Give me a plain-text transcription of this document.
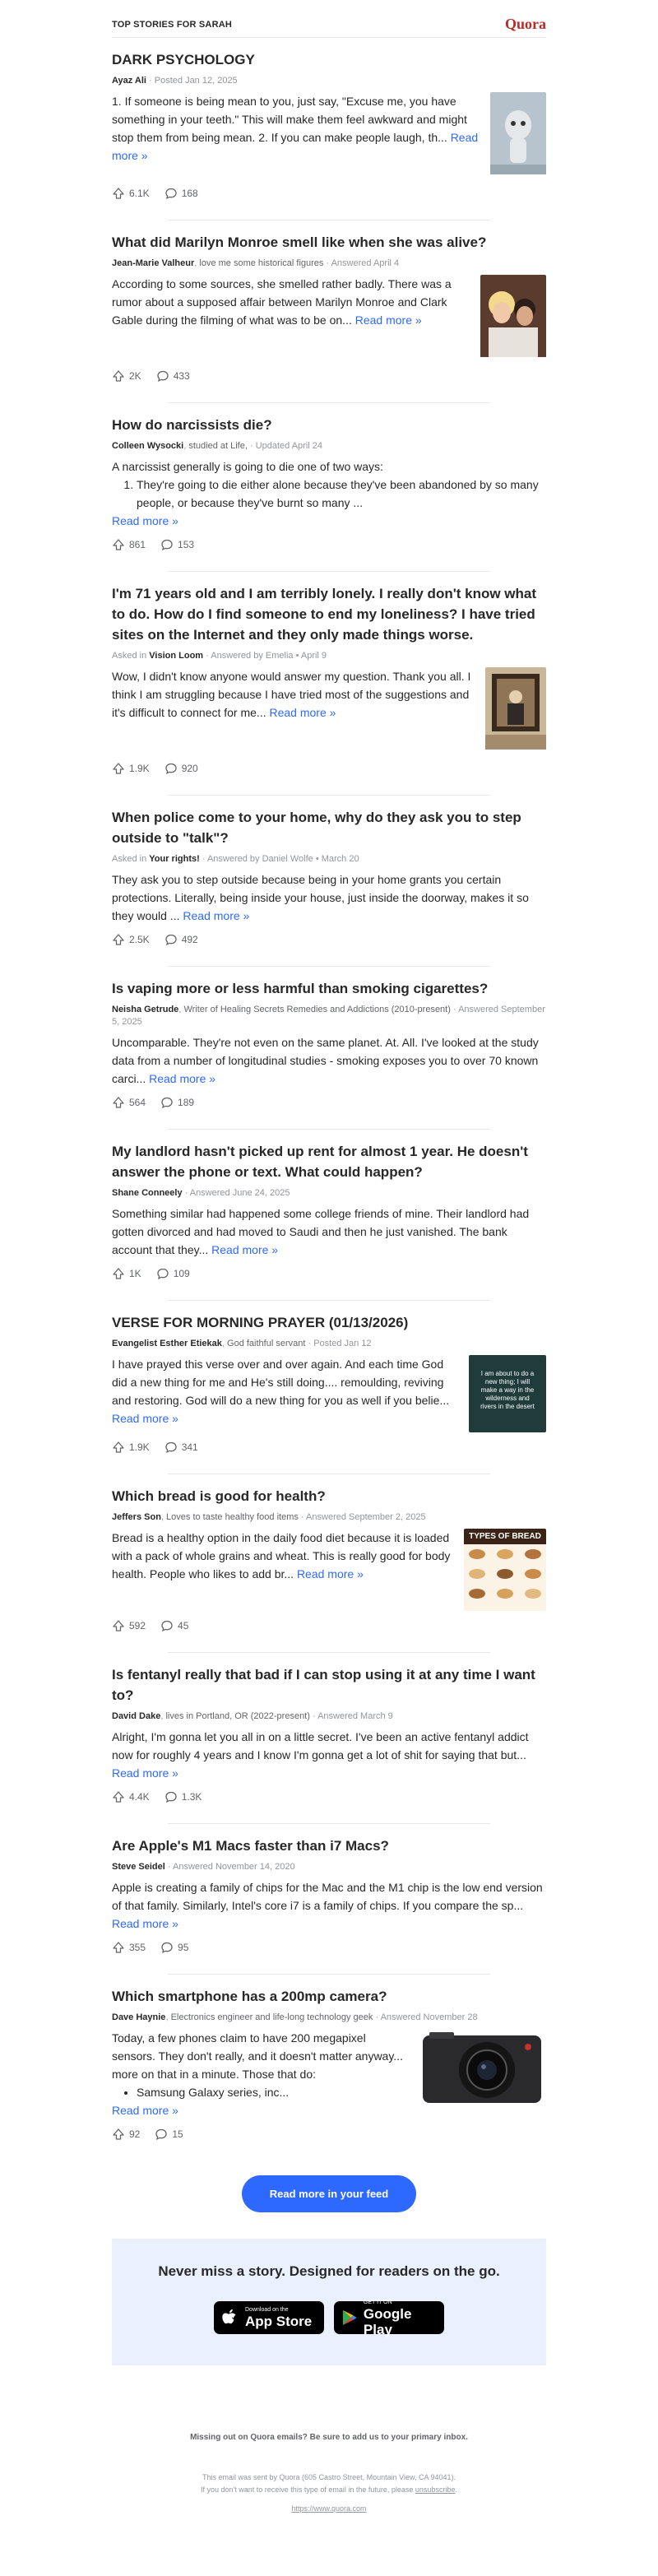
TOP STORIES FOR SARAH	Quora
DARK PSYCHOLOGY
Ayaz Ali · Posted Jan 12, 2025
1. If someone is being mean to you, just say, "Excuse me, you have something in your teeth." This will make them feel awkward and might stop them from being mean. 2. If you can make people laugh, th... Read more »
6.1K	168
What did Marilyn Monroe smell like when she was alive?
Jean-Marie Valheur, love me some historical figures · Answered April 4
According to some sources, she smelled rather badly. There was a rumor about a supposed affair between Marilyn Monroe and Clark Gable during the filming of what was to be on... Read more »
2K	433
How do narcissists die?
Colleen Wysocki, studied at Life, · Updated April 24
A narcissist generally is going to die one of two ways:
1. They're going to die either alone because they've been abandoned by so many people, or because they've burnt so many ...
Read more »
861	153
I'm 71 years old and I am terribly lonely. I really don't know what to do. How do I find someone to end my loneliness? I have tried sites on the Internet and they only made things worse.
Asked in Vision Loom · Answered by Emelia • April 9
Wow, I didn't know anyone would answer my question. Thank you all. I think I am struggling because I have tried most of the suggestions and it's difficult to connect for me... Read more »
1.9K	920
When police come to your home, why do they ask you to step outside to "talk"?
Asked in Your rights! · Answered by Daniel Wolfe • March 20
They ask you to step outside because being in your home grants you certain protections. Literally, being inside your house, just inside the doorway, makes it so they would ... Read more »
2.5K	492
Is vaping more or less harmful than smoking cigarettes?
Neisha Getrude, Writer of Healing Secrets Remedies and Addictions (2010-present) · Answered September 5, 2025
Uncomparable. They're not even on the same planet. At. All. I've looked at the study data from a number of longitudinal studies - smoking exposes you to over 70 known carci... Read more »
564	189
My landlord hasn't picked up rent for almost 1 year. He doesn't answer the phone or text. What could happen?
Shane Conneely · Answered June 24, 2025
Something similar had happened some college friends of mine. Their landlord had gotten divorced and had moved to Saudi and then he just vanished. The bank account that they... Read more »
1K	109
VERSE FOR MORNING PRAYER (01/13/2026)
Evangelist Esther Etiekak, God faithful servant · Posted Jan 12
I have prayed this verse over and over again. And each time God did a new thing for me and He's still doing.... remoulding, reviving and restoring. God will do a new thing for you as well if you belie... Read more »
I am about to do a new thing; I will make a way in the wilderness and rivers in the desert
1.9K	341
Which bread is good for health?
Jeffers Son, Loves to taste healthy food items · Answered September 2, 2025
Bread is a healthy option in the daily food diet because it is loaded with a pack of whole grains and wheat. This is really good for body health. People who likes to add br... Read more »
TYPES OF BREAD
592	45
Is fentanyl really that bad if I can stop using it at any time I want to?
David Dake, lives in Portland, OR (2022-present) · Answered March 9
Alright, I'm gonna let you all in on a little secret. I've been an active fentanyl addict now for roughly 4 years and I know I'm gonna get a lot of shit for saying that but... Read more »
4.4K	1.3K
Are Apple's M1 Macs faster than i7 Macs?
Steve Seidel · Answered November 14, 2020
Apple is creating a family of chips for the Mac and the M1 chip is the low end version of that family. Similarly, Intel's core i7 is a family of chips. If you compare the sp... Read more »
355	95
Which smartphone has a 200mp camera?
Dave Haynie, Electronics engineer and life-long technology geek · Answered November 28
Today, a few phones claim to have 200 megapixel sensors. They don't really, and it doesn't matter anyway... more on that in a minute. Those that do:
• Samsung Galaxy series, inc...
Read more »
92	15
Read more in your feed
Never miss a story. Designed for readers on the go.
Download on the
App Store
GET IT ON
Google Play
Missing out on Quora emails? Be sure to add us to your primary inbox.
This email was sent by Quora (605 Castro Street, Mountain View, CA 94041).
If you don't want to receive this type of email in the future, please unsubscribe.
https://www.quora.com
